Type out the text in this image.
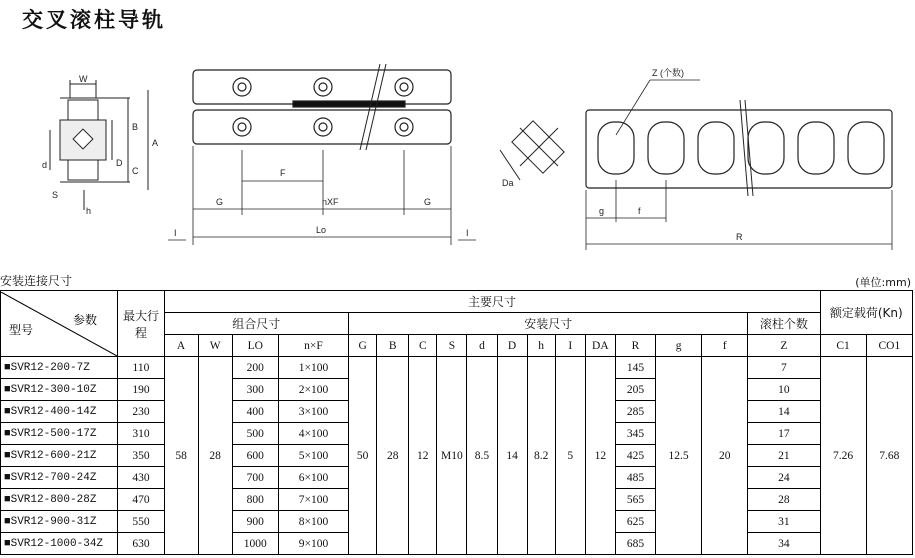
交叉滚柱导轨
W
B
A
d	D
C
S
h
F
G	nXF	G
Lo
I	I
Da
Z (个数)
g	f
R
安装连接尺寸	(单位:mm)
型号
参数	最大行程	主要尺寸																	额定载荷(Kn)	
		组合尺寸				安装尺寸												滚柱个数		
		A	W	LO	n×F	G	B	C	S	d	D	h	I	DA	R	g	f	Z	C1	CO1
■SVR12-200-7Z	110	58	28	200	1×100	50	28	12	M10	8.5	14	8.2	5	12	145	12.5	20	7	7.26	7.68
■SVR12-300-10Z	190			300	2×100										205			10		
■SVR12-400-14Z	230			400	3×100										285			14		
■SVR12-500-17Z	310			500	4×100										345			17		
■SVR12-600-21Z	350			600	5×100										425			21		
■SVR12-700-24Z	430			700	6×100										485			24		
■SVR12-800-28Z	470			800	7×100										565			28		
■SVR12-900-31Z	550			900	8×100										625			31		
■SVR12-1000-34Z	630			1000	9×100										685			34		
